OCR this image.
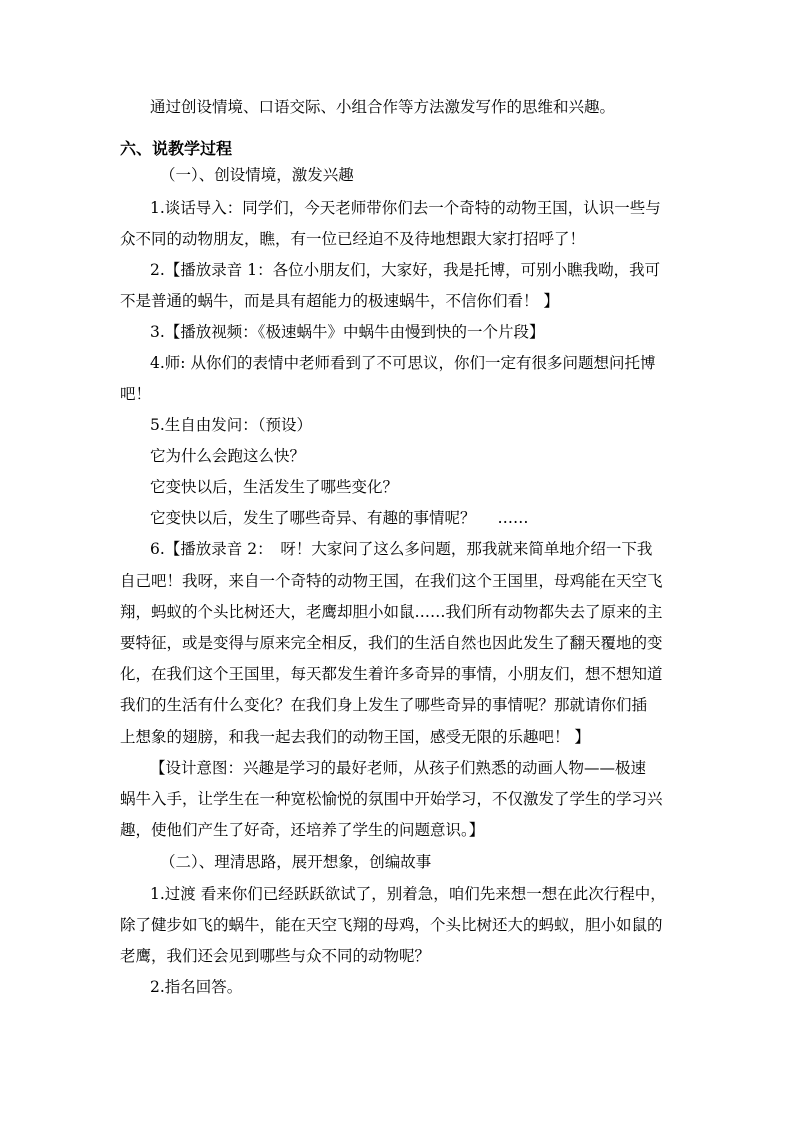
通过创设情境、口语交际、小组合作等方法激发写作的思维和兴趣。
六、说教学过程
（一）、创设情境，激发兴趣
1.谈话导入：同学们，今天老师带你们去一个奇特的动物王国，认识一些与
众不同的动物朋友，瞧，有一位已经迫不及待地想跟大家打招呼了！
2.【播放录音 1：各位小朋友们，大家好，我是托博，可别小瞧我呦，我可
不是普通的蜗牛，而是具有超能力的极速蜗牛，不信你们看！ 】
3.【播放视频：《极速蜗牛》中蜗牛由慢到快的一个片段】
4.师: 从你们的表情中老师看到了不可思议，你们一定有很多问题想问托博
吧！
5.生自由发问：（预设）
它为什么会跑这么快？
它变快以后，生活发生了哪些变化？
它变快以后，发生了哪些奇异、有趣的事情呢？ ……
6.【播放录音 2：　呀！大家问了这么多问题，那我就来简单地介绍一下我
自己吧！我呀，来自一个奇特的动物王国，在我们这个王国里，母鸡能在天空飞
翔，蚂蚁的个头比树还大，老鹰却胆小如鼠……我们所有动物都失去了原来的主
要特征，或是变得与原来完全相反，我们的生活自然也因此发生了翻天覆地的变
化，在我们这个王国里，每天都发生着许多奇异的事情，小朋友们，想不想知道
我们的生活有什么变化？在我们身上发生了哪些奇异的事情呢？那就请你们插
上想象的翅膀，和我一起去我们的动物王国，感受无限的乐趣吧！ 】
【设计意图：兴趣是学习的最好老师，从孩子们熟悉的动画人物——极速
蜗牛入手，让学生在一种宽松愉悦的氛围中开始学习，不仅激发了学生的学习兴
趣，使他们产生了好奇，还培养了学生的问题意识。】
（二）、理清思路，展开想象，创编故事
1.过渡 看来你们已经跃跃欲试了，别着急，咱们先来想一想在此次行程中，
除了健步如飞的蜗牛，能在天空飞翔的母鸡，个头比树还大的蚂蚁，胆小如鼠的
老鹰，我们还会见到哪些与众不同的动物呢？
2.指名回答。
